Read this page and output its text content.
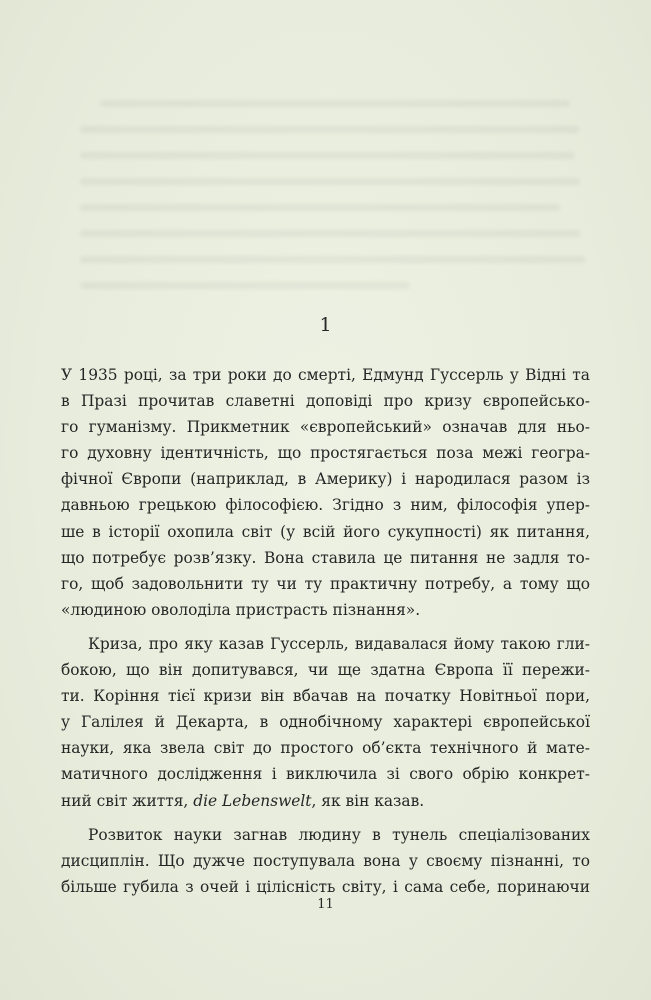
1
У 1935 році, за три роки до смерті, Едмунд Гуссерль у Відні та
в Празі прочитав славетні доповіді про кризу європейсько-
го гуманізму. Прикметник «європейський» означав для ньо-
го духовну ідентичність, що простягається поза межі геогра-
фічної Європи (наприклад, в Америку) і народилася разом із
давньою грецькою філософією. Згідно з ним, філософія упер-
ше в історії охопила світ (у всій його сукупності) як питання,
що потребує розв’язку. Вона ставила це питання не задля то-
го, щоб задовольнити ту чи ту практичну потребу, а тому що
«людиною оволоділа пристрасть пізнання».
Криза, про яку казав Гуссерль, видавалася йому такою гли-
бокою, що він допитувався, чи ще здатна Європа її пережи-
ти. Коріння тієї кризи він вбачав на початку Новітньої пори,
у Галілея й Декарта, в однобічному характері європейської
науки, яка звела світ до простого об’єкта технічного й мате-
матичного дослідження і виключила зі свого обрію конкрет-
ний світ життя, die Lebenswelt, як він казав.
Розвиток науки загнав людину в тунель спеціалізованих
дисциплін. Що дужче поступувала вона у своєму пізнанні, то
більше губила з очей і цілісність світу, і сама себе, поринаючи
11
